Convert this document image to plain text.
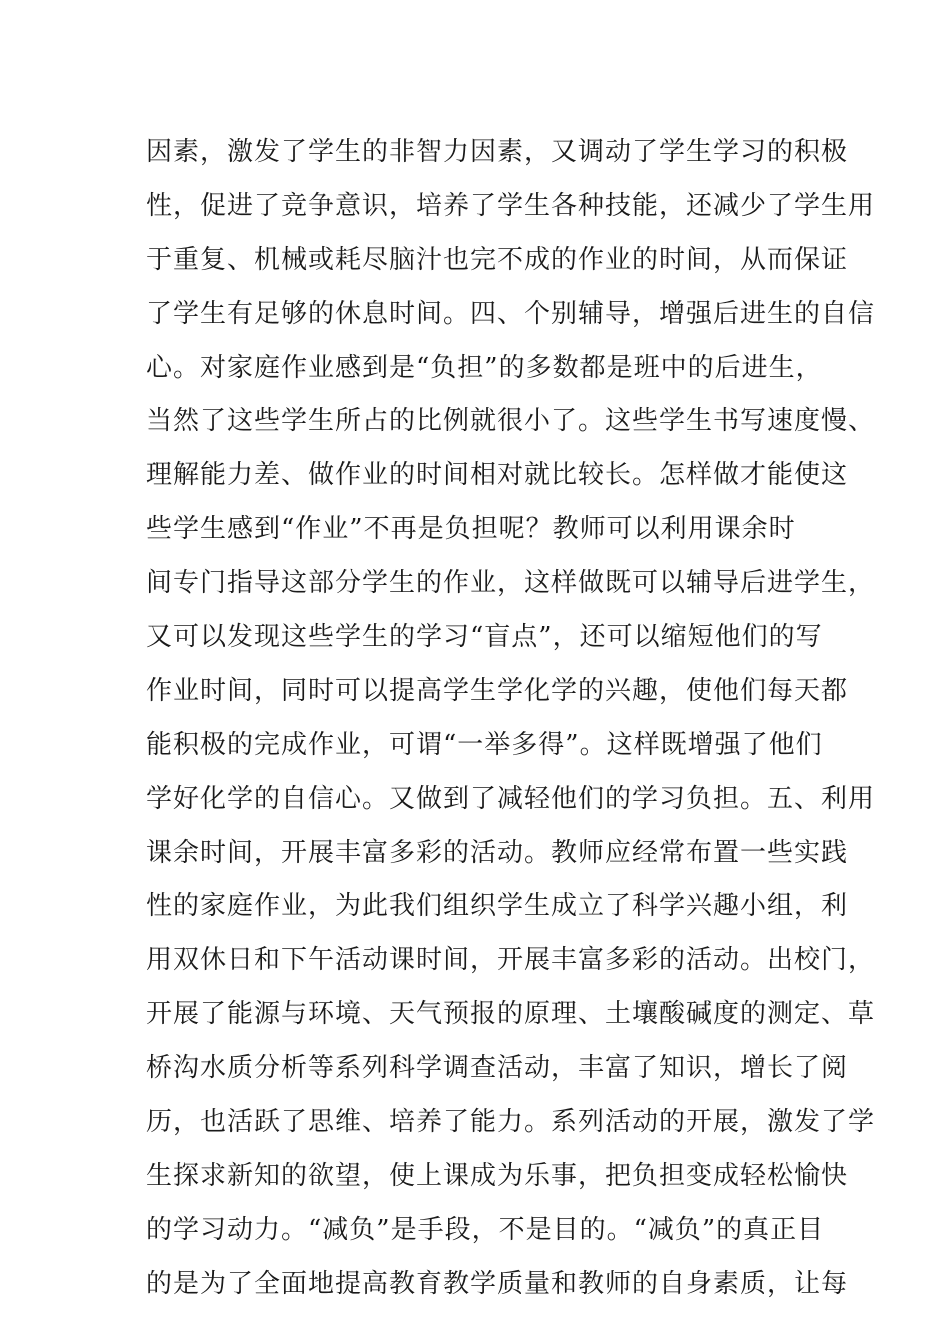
因素，激发了学生的非智力因素，又调动了学生学习的积极
性，促进了竞争意识，培养了学生各种技能，还减少了学生用
于重复、机械或耗尽脑汁也完不成的作业的时间，从而保证
了学生有足够的休息时间。四、个别辅导，增强后进生的自信
心。对家庭作业感到是“负担”的多数都是班中的后进生，
当然了这些学生所占的比例就很小了。这些学生书写速度慢、
理解能力差、做作业的时间相对就比较长。怎样做才能使这
些学生感到“作业”不再是负担呢？教师可以利用课余时
间专门指导这部分学生的作业，这样做既可以辅导后进学生，
又可以发现这些学生的学习“盲点”，还可以缩短他们的写
作业时间，同时可以提高学生学化学的兴趣，使他们每天都
能积极的完成作业，可谓“一举多得”。这样既增强了他们
学好化学的自信心。又做到了减轻他们的学习负担。五、利用
课余时间，开展丰富多彩的活动。教师应经常布置一些实践
性的家庭作业，为此我们组织学生成立了科学兴趣小组，利
用双休日和下午活动课时间，开展丰富多彩的活动。出校门，
开展了能源与环境、天气预报的原理、土壤酸碱度的测定、草
桥沟水质分析等系列科学调查活动，丰富了知识，增长了阅
历，也活跃了思维、培养了能力。系列活动的开展，激发了学
生探求新知的欲望，使上课成为乐事，把负担变成轻松愉快
的学习动力。“减负”是手段，不是目的。“减负”的真正目
的是为了全面地提高教育教学质量和教师的自身素质，让每
